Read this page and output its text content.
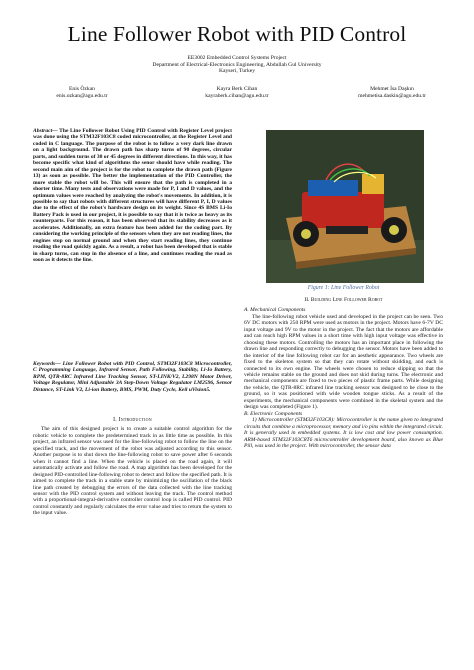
Line Follower Robot with PID Control
EE3002 Embedded Control Systems Project
Department of Electrical-Electronics Engineering, Abdullah Gul University
Kayseri, Turkey
Enis Özkan
enis.ozkan@agu.edu.tr
Kayra Berk Cihan
kayraberk.cihan@agu.edu.tr
Mehmet İsa Daşkın
mehmetisa.daskin@agu.edu.tr
Abstract— The Line Follower Robot Using PID Control with Register Level project was done using the STM32F103C8 coded microcontroller, at the Register Level and coded in C language. The purpose of the robot is to follow a very dark line drawn on a light background. The drawn path has sharp turns of 90 degrees, circular parts, and sudden turns of 30 or 45 degrees in different directions. In this way, it has become specific what kind of algorithms the senor should have while reading. The second main aim of the project is for the robot to complete the drawn path (Figure 13) as soon as possible. The better the implementation of the PID Controller, the more stable the robot will be. This will ensure that the path is completed in a shorter time. Many tests and observations were made for P, I and D values, and the optimum values were reached by analyzing the robot's movements. In addition, it is possible to say that robots with different structures will have different P, I, D values due to the effect of the robot's hardware design on its weight. Since 4S BMS Li-Io Battery Pack is used in our project, it is possible to say that it is twice as heavy as its counterparts. For this reason, it has been observed that its stability decreases as it accelerates. Additionally, an extra feature has been added for the coding part. By considering the working principle of the sensors when they are not reading lines, the engines stop on normal ground and when they start reading lines, they continue reading the road quickly again. As a result, a robot has been developed that is stable in sharp turns, can stop in the absence of a line, and continues reading the road as soon as it detects the line.
Keywords— Line Follower Robot with PID Control, STM32F103C8 Microcontroller, C Programming Language, Infrared Sensor, Path Following, Stability, Li-Io Battery, RPM, QTR-8RC Infrared Line Tracking Sensor, ST-LINK/V2, L298N Motor Driver, Voltage Regulator, Mini Adjustable 3A Step-Down Voltage Regulator LM2596, Sensor Distance, ST-Link V2, Li-ion Battery, BMS, PWM, Duty Cycle, Keil uVision5.
I. Introduction

The aim of this designed project is to create a suitable control algorithm for the robotic vehicle to complete the predetermined track in as little time as possible. In this project, an infrared sensor was used for the line-following robot to follow the line on the specified track, and the movement of the robot was adjusted according to this sensor. Another purpose is to shut down the line-following robot to save power after 6 seconds when it cannot find a line. When the vehicle is placed on the road again, it will automatically activate and follow the road. A map algorithm has been developed for the designed PID-controlled line-following robot to detect and follow the specified path. It is aimed to complete the track in a stable state by minimizing the oscillation of the black line path created by debugging the errors of the data collected with the line tracking sensor with the PID control system and without leaving the track. The control method with a proportional-integral-derivative controller control loop is called PID control. PID control constantly and regularly calculates the error value and tries to return the system to the input value.

Figure 1: Line Follower Robot
II. Building Line Follower Robot

A. Mechanical Components

The line-following robot vehicle used and developed in the project can be seen. Two 6V DC motors with 250 RPM were used as motors in the project. Motors have 6-7V DC input voltage and 9V to the motor in the project. The fact that the motors are affordable and can reach high RPM values in a short time with high input voltage was effective in choosing these motors. Controlling the motors has an important place in following the drawn line and responding correctly to debugging the sensor. Motors have been added to the interior of the line following robot car for an aesthetic appearance. Two wheels are fixed to the skeleton system so that they can rotate without skidding, and each is connected to its own engine. The wheels were chosen to reduce slipping so that the vehicle remains stable on the ground and does not skid during turns. The electronic and mechanical components are fixed to two pieces of plastic frame parts. While designing the vehicle, the QTR-8RC infrared line tracking sensor was designed to be close to the ground, so it was positioned with wide wooden tongue sticks. As a result of the experiments, the mechanical components were combined in the skeletal system and the design was completed (Figure 1).

B. Electronic Components

1) Microcontroller (STM32F103C8): Microcontroller is the name given to integrated circuits that combine a microprocessor, memory and i/o pins within the integrated circuit. It is generally used in embedded systems. It is low cost and low power consumption. ARM-based STM32F103C8T6 microcontroller development board, also known as Blue Pill, was used in the project. With microcontroller, the sensor data
